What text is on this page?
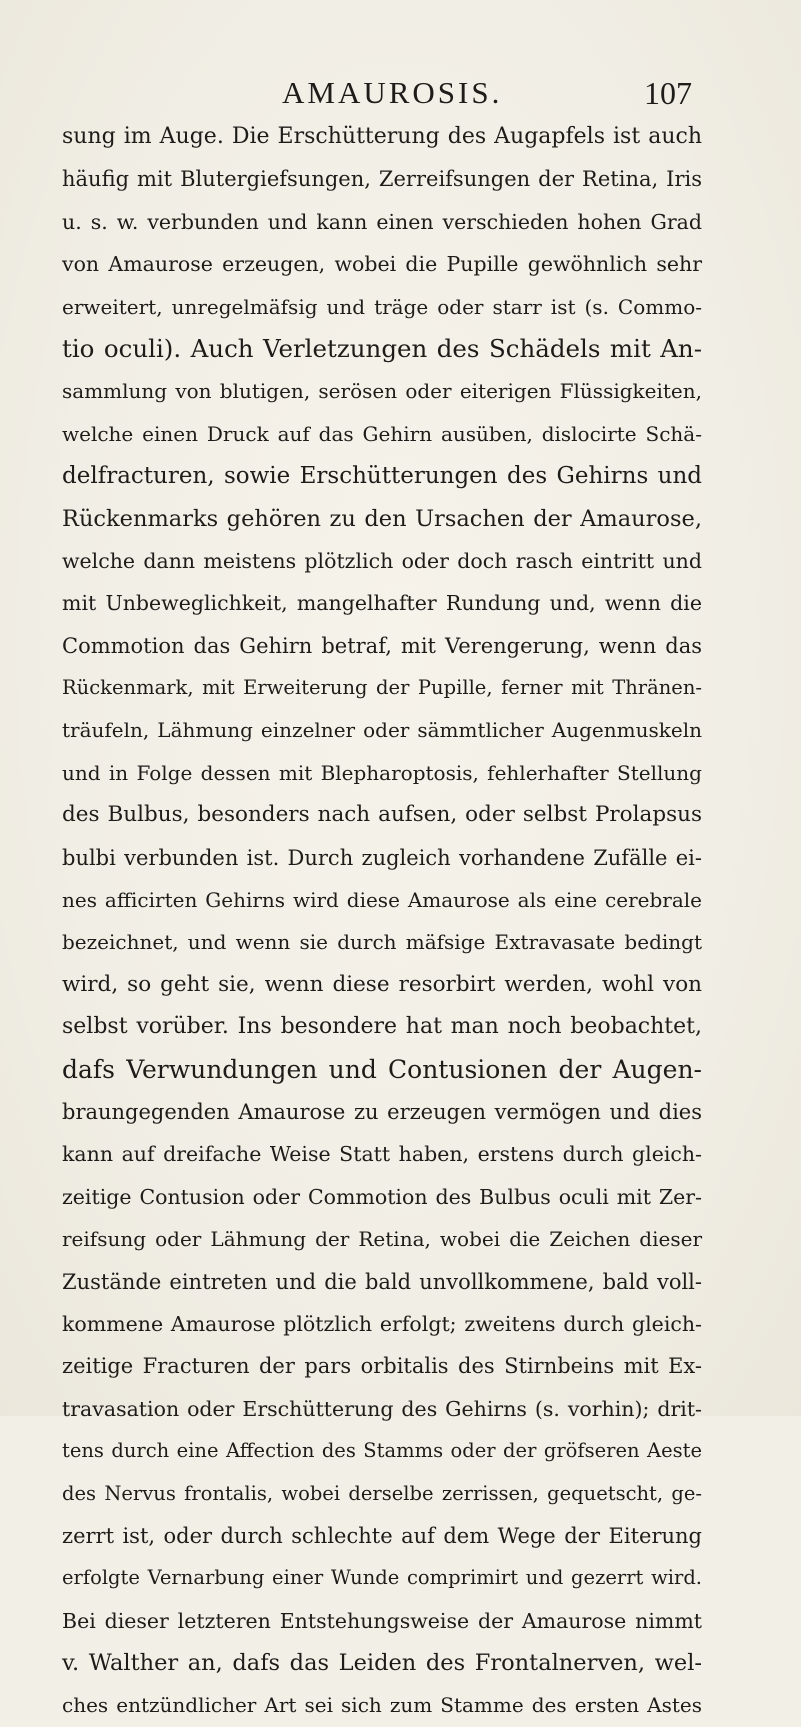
AMAUROSIS.	107
sung im Auge. Die Erschütterung des Augapfels ist auch
häufig mit Blutergiefsungen, Zerreifsungen der Retina, Iris
u. s. w. verbunden und kann einen verschieden hohen Grad
von Amaurose erzeugen, wobei die Pupille gewöhnlich sehr
erweitert, unregelmäfsig und träge oder starr ist (s. Commo-
tio oculi). Auch Verletzungen des Schädels mit An-
sammlung von blutigen, serösen oder eiterigen Flüssigkeiten,
welche einen Druck auf das Gehirn ausüben, dislocirte Schä-
delfracturen, sowie Erschütterungen des Gehirns und
Rückenmarks gehören zu den Ursachen der Amaurose,
welche dann meistens plötzlich oder doch rasch eintritt und
mit Unbeweglichkeit, mangelhafter Rundung und, wenn die
Commotion das Gehirn betraf, mit Verengerung, wenn das
Rückenmark, mit Erweiterung der Pupille, ferner mit Thränen-
träufeln, Lähmung einzelner oder sämmtlicher Augenmuskeln
und in Folge dessen mit Blepharoptosis, fehlerhafter Stellung
des Bulbus, besonders nach aufsen, oder selbst Prolapsus
bulbi verbunden ist. Durch zugleich vorhandene Zufälle ei-
nes afficirten Gehirns wird diese Amaurose als eine cerebrale
bezeichnet, und wenn sie durch mäfsige Extravasate bedingt
wird, so geht sie, wenn diese resorbirt werden, wohl von
selbst vorüber. Ins besondere hat man noch beobachtet,
dafs Verwundungen und Contusionen der Augen-
braungegenden Amaurose zu erzeugen vermögen und dies
kann auf dreifache Weise Statt haben, erstens durch gleich-
zeitige Contusion oder Commotion des Bulbus oculi mit Zer-
reifsung oder Lähmung der Retina, wobei die Zeichen dieser
Zustände eintreten und die bald unvollkommene, bald voll-
kommene Amaurose plötzlich erfolgt; zweitens durch gleich-
zeitige Fracturen der pars orbitalis des Stirnbeins mit Ex-
travasation oder Erschütterung des Gehirns (s. vorhin); drit-
tens durch eine Affection des Stamms oder der gröfseren Aeste
des Nervus frontalis, wobei derselbe zerrissen, gequetscht, ge-
zerrt ist, oder durch schlechte auf dem Wege der Eiterung
erfolgte Vernarbung einer Wunde comprimirt und gezerrt wird.
Bei dieser letzteren Entstehungsweise der Amaurose nimmt
v. Walther an, dafs das Leiden des Frontalnerven, wel-
ches entzündlicher Art sei sich zum Stamme des ersten Astes
